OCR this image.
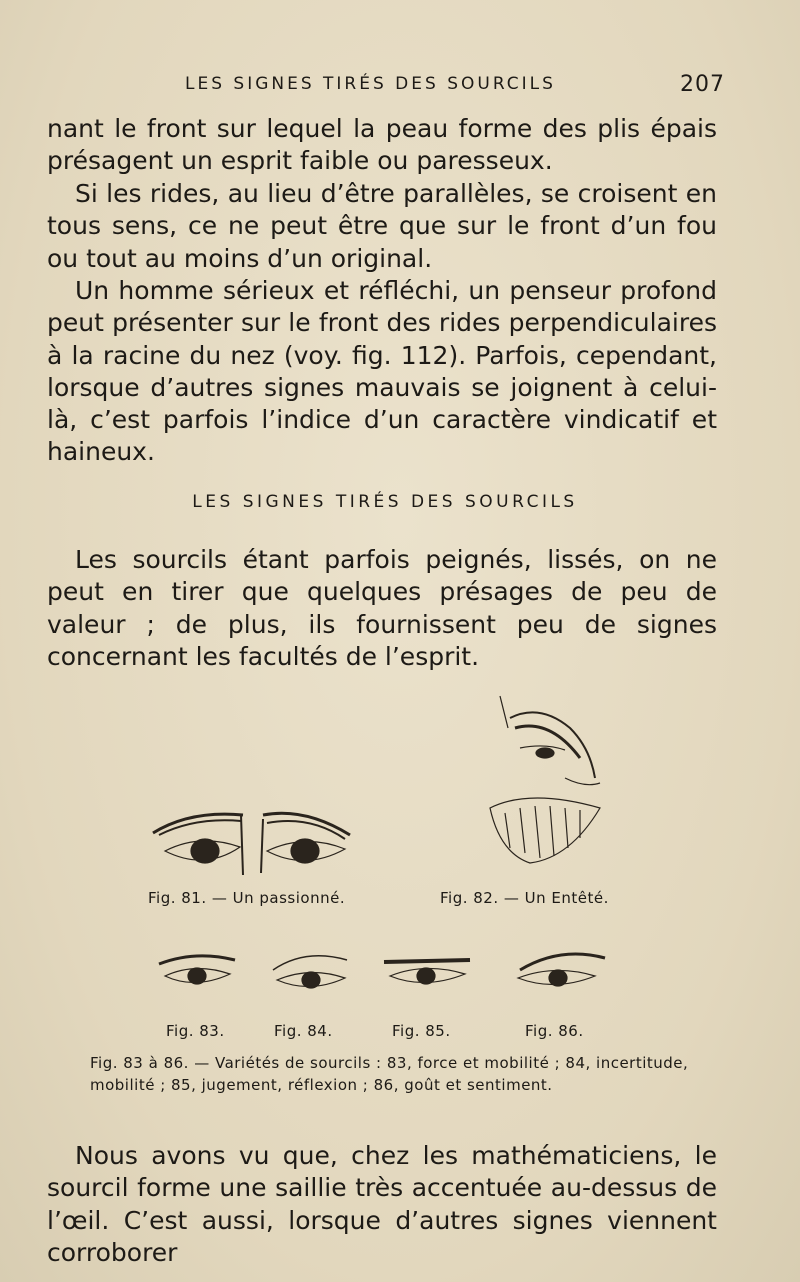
LES SIGNES TIRÉS DES SOURCILS	207

nant le front sur lequel la peau forme des plis épais présagent un esprit faible ou paresseux.

Si les rides, au lieu d’être parallèles, se croisent en tous sens, ce ne peut être que sur le front d’un fou ou tout au moins d’un original.

Un homme sérieux et réfléchi, un penseur profond peut présenter sur le front des rides perpendiculaires à la racine du nez (voy. fig. 112). Parfois, cependant, lorsque d’autres signes mauvais se joignent à celui-là, c’est parfois l’indice d’un caractère vindicatif et haineux.

LES SIGNES TIRÉS DES SOURCILS

Les sourcils étant parfois peignés, lissés, on ne peut en tirer que quelques présages de peu de valeur ; de plus, ils fournissent peu de signes concernant les facultés de l’esprit.

Fig. 81. — Un passionné.	Fig. 82. — Un Entêté.
Fig. 83.	Fig. 84.	Fig. 85.	Fig. 86.
Fig. 83 à 86. — Variétés de sourcils : 83, force et mobilité ; 84, incertitude, mobilité ; 85, jugement, réflexion ; 86, goût et sentiment.

Nous avons vu que, chez les mathématiciens, le sourcil forme une saillie très accentuée au-dessus de l’œil. C’est aussi, lorsque d’autres signes viennent corroborer
